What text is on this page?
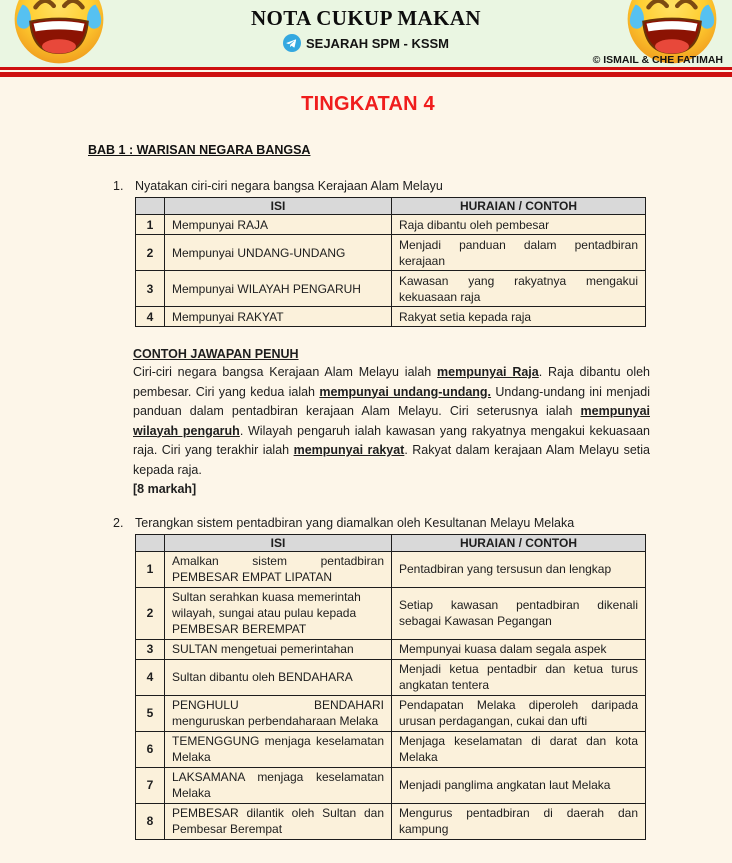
NOTA CUKUP MAKAN
SEJARAH SPM - KSSM
© ISMAIL & CHE FATIMAH
TINGKATAN 4
BAB 1 : WARISAN NEGARA BANGSA
1. Nyatakan ciri-ciri negara bangsa Kerajaan Alam Melayu
	ISI	HURAIAN / CONTOH
1	Mempunyai RAJA	Raja dibantu oleh pembesar
2	Mempunyai UNDANG-UNDANG	Menjadi panduan dalam pentadbiran kerajaan
3	Mempunyai WILAYAH PENGARUH	Kawasan yang rakyatnya mengakui kekuasaan raja
4	Mempunyai RAKYAT	Rakyat setia kepada raja
CONTOH JAWAPAN PENUH

Ciri-ciri negara bangsa Kerajaan Alam Melayu ialah mempunyai Raja. Raja dibantu oleh pembesar. Ciri yang kedua ialah mempunyai undang-undang. Undang-undang ini menjadi panduan dalam pentadbiran kerajaan Alam Melayu. Ciri seterusnya ialah mempunyai wilayah pengaruh. Wilayah pengaruh ialah kawasan yang rakyatnya mengakui kekuasaan raja. Ciri yang terakhir ialah mempunyai rakyat. Rakyat dalam kerajaan Alam Melayu setia kepada raja.
[8 markah]

2. Terangkan sistem pentadbiran yang diamalkan oleh Kesultanan Melayu Melaka
	ISI	HURAIAN / CONTOH
1	Amalkan sistem pentadbiran PEMBESAR EMPAT LIPATAN	Pentadbiran yang tersusun dan lengkap
2	Sultan serahkan kuasa memerintah wilayah, sungai atau pulau kepada PEMBESAR BEREMPAT	Setiap kawasan pentadbiran dikenali sebagai Kawasan Pegangan
3	SULTAN mengetuai pemerintahan	Mempunyai kuasa dalam segala aspek
4	Sultan dibantu oleh BENDAHARA	Menjadi ketua pentadbir dan ketua turus angkatan tentera
5	PENGHULU BENDAHARI menguruskan perbendaharaan Melaka	Pendapatan Melaka diperoleh daripada urusan perdagangan, cukai dan ufti
6	TEMENGGUNG menjaga keselamatan Melaka	Menjaga keselamatan di darat dan kota Melaka
7	LAKSAMANA menjaga keselamatan Melaka	Menjadi panglima angkatan laut Melaka
8	PEMBESAR dilantik oleh Sultan dan Pembesar Berempat	Mengurus pentadbiran di daerah dan kampung
